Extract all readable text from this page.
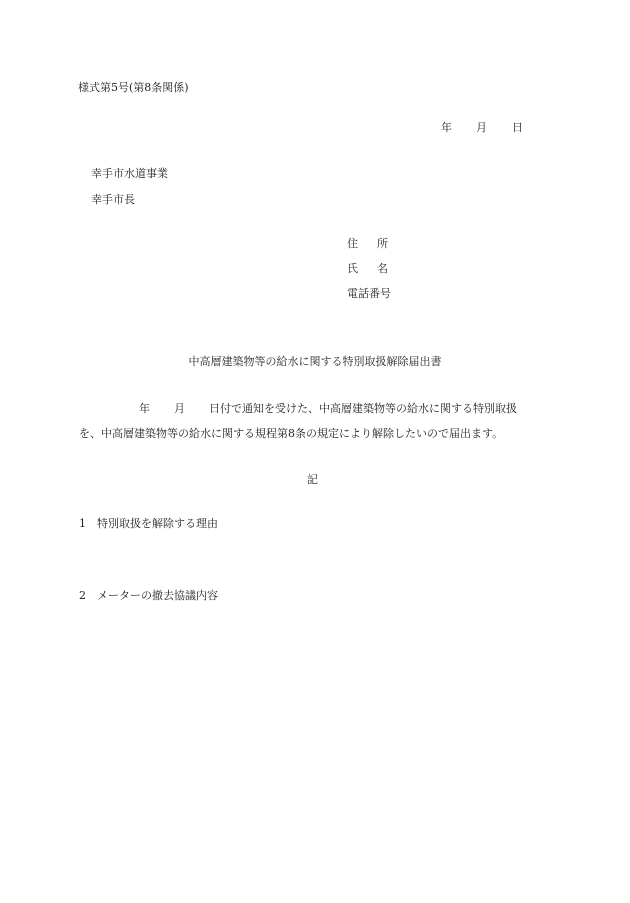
様式第5号(第8条関係)
年 月 日
幸手市水道事業
幸手市長
住所
氏名
電話番号
中高層建築物等の給水に関する特別取扱解除届出書
年 月 日付で通知を受けた、中高層建築物等の給水に関する特別取扱
を、中高層建築物等の給水に関する規程第8条の規定により解除したいので届出ます。
記
1 特別取扱を解除する理由
2 メーターの撤去協議内容
